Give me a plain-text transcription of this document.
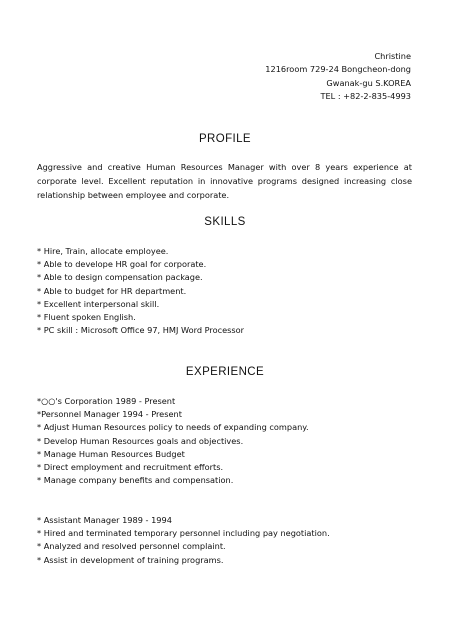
Christine
1216room 729-24 Bongcheon-dong
Gwanak-gu S.KOREA
TEL : +82-2-835-4993
PROFILE
Aggressive and creative Human Resources Manager with over 8 years experience at corporate level. Excellent reputation in innovative programs designed increasing close relationship between employee and corporate.
SKILLS
* Hire, Train, allocate employee.
* Able to develope HR goal for corporate.
* Able to design compensation package.
* Able to budget for HR department.
* Excellent interpersonal skill.
* Fluent spoken English.
* PC skill : Microsoft Office 97, HMJ Word Processor
EXPERIENCE
*○○'s Corporation 1989 - Present
*Personnel Manager 1994 - Present
* Adjust Human Resources policy to needs of expanding company.
* Develop Human Resources goals and objectives.
* Manage Human Resources Budget
* Direct employment and recruitment efforts.
* Manage company benefits and compensation.
* Assistant Manager 1989 - 1994
* Hired and terminated temporary personnel including pay negotiation.
* Analyzed and resolved personnel complaint.
* Assist in development of training programs.
